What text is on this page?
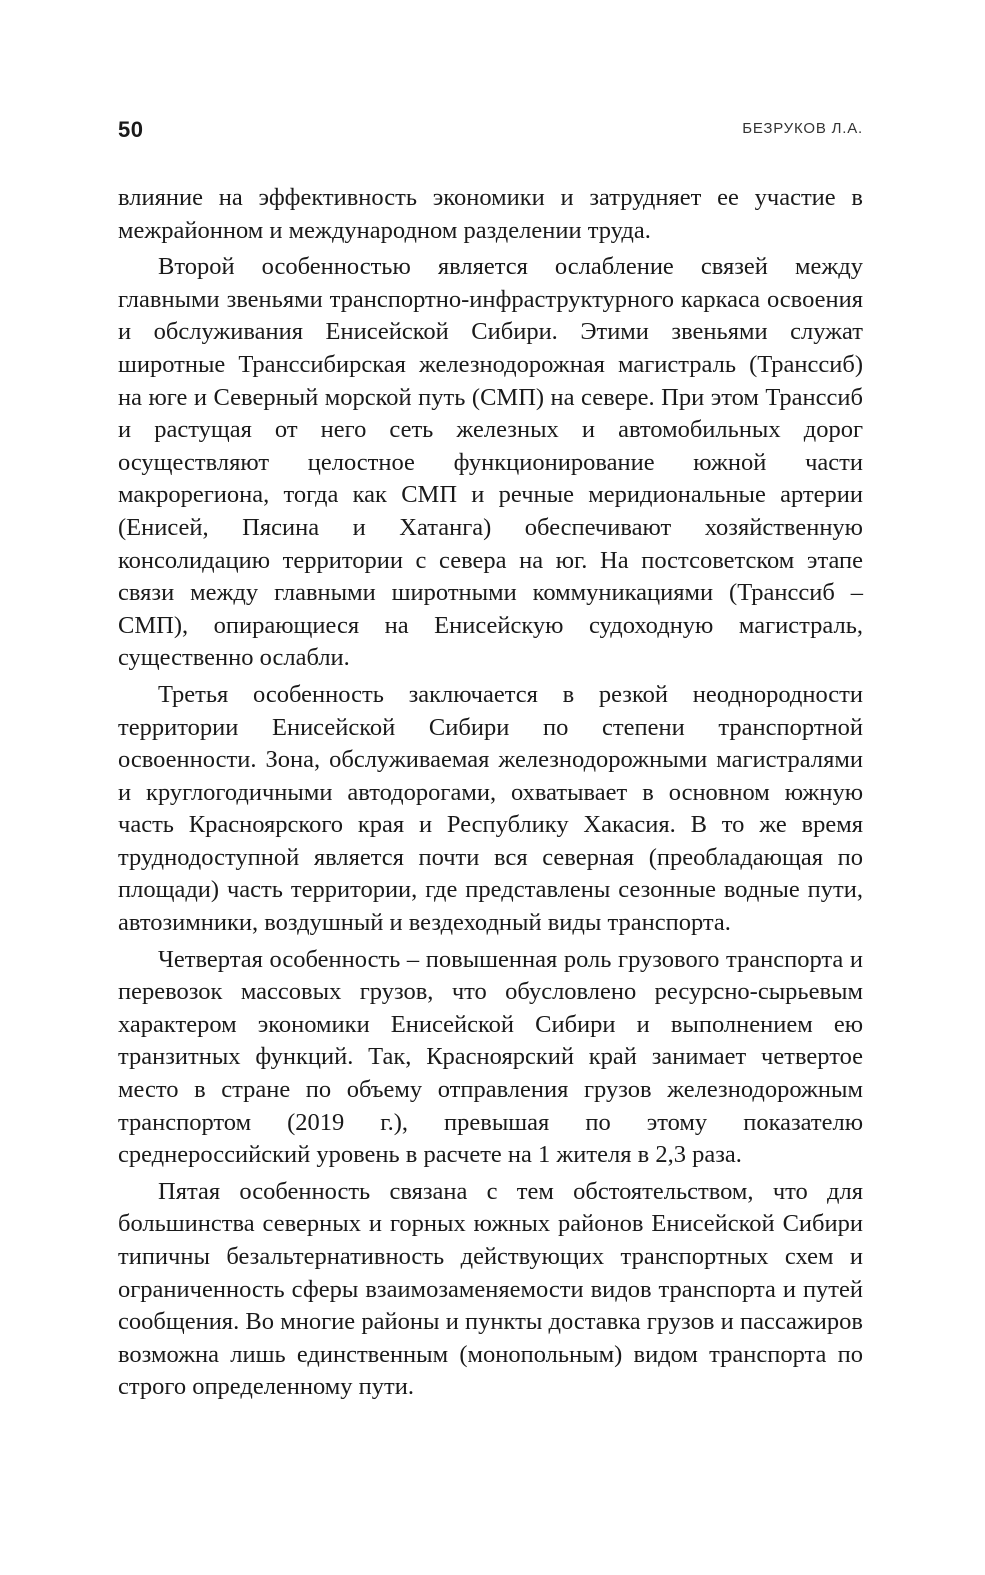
50	БЕЗРУКОВ Л.А.

влияние на эффективность экономики и затрудняет ее участие в межрайонном и международном разделении труда.

Второй особенностью является ослабление связей между главными звеньями транспортно-инфраструктурного каркаса освоения и обслуживания Енисейской Сибири. Этими звеньями служат широтные Транссибирская железнодорожная магистраль (Транссиб) на юге и Северный морской путь (СМП) на севере. При этом Транссиб и растущая от него сеть железных и автомобильных дорог осуществляют целостное функционирование южной части макрорегиона, тогда как СМП и речные меридиональные артерии (Енисей, Пясина и Хатанга) обеспечивают хозяйственную консолидацию территории с севера на юг. На постсоветском этапе связи между главными широтными коммуникациями (Транссиб – СМП), опирающиеся на Енисейскую судоходную магистраль, существенно ослабли.

Третья особенность заключается в резкой неоднородности территории Енисейской Сибири по степени транспортной освоенности. Зона, обслуживаемая железнодорожными магистралями и круглогодичными автодорогами, охватывает в основном южную часть Красноярского края и Республику Хакасия. В то же время труднодоступной является почти вся северная (преобладающая по площади) часть территории, где представлены сезонные водные пути, автозимники, воздушный и вездеходный виды транспорта.

Четвертая особенность – повышенная роль грузового транспорта и перевозок массовых грузов, что обусловлено ресурсно-сырьевым характером экономики Енисейской Сибири и выполнением ею транзитных функций. Так, Красноярский край занимает четвертое место в стране по объему отправления грузов железнодорожным транспортом (2019 г.), превышая по этому показателю среднероссийский уровень в расчете на 1 жителя в 2,3 раза.

Пятая особенность связана с тем обстоятельством, что для большинства северных и горных южных районов Енисейской Сибири типичны безальтернативность действующих транспортных схем и ограниченность сферы взаимозаменяемости видов транспорта и путей сообщения. Во многие районы и пункты доставка грузов и пассажиров возможна лишь единственным (монопольным) видом транспорта по строго определенному пути.
